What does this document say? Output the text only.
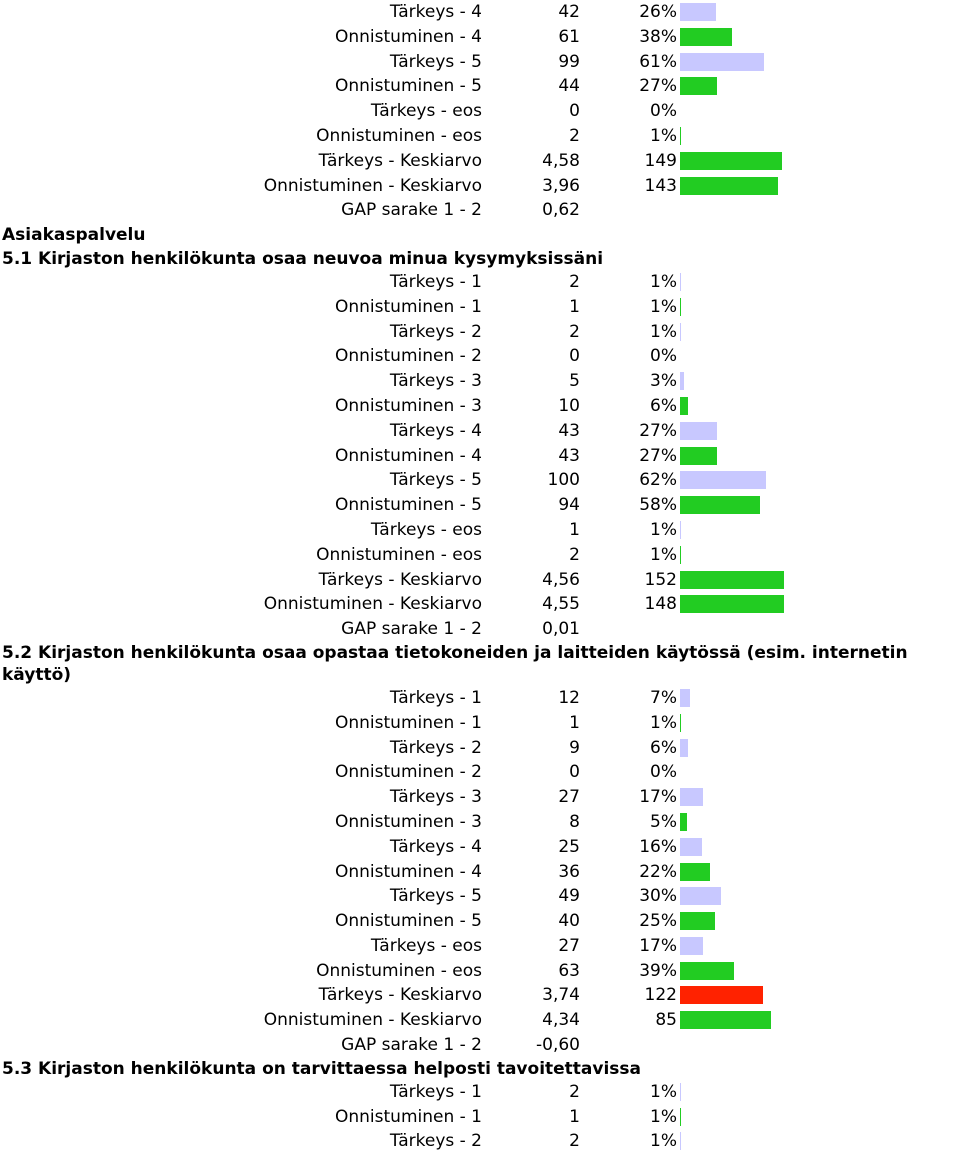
Tärkeys - 4	42	26%
Onnistuminen - 4	61	38%
Tärkeys - 5	99	61%
Onnistuminen - 5	44	27%
Tärkeys - eos	0	0%
Onnistuminen - eos	2	1%
Tärkeys - Keskiarvo	4,58	149
Onnistuminen - Keskiarvo	3,96	143
GAP sarake 1 - 2	0,62
Asiakaspalvelu
5.1 Kirjaston henkilökunta osaa neuvoa minua kysymyksissäni
Tärkeys - 1	2	1%
Onnistuminen - 1	1	1%
Tärkeys - 2	2	1%
Onnistuminen - 2	0	0%
Tärkeys - 3	5	3%
Onnistuminen - 3	10	6%
Tärkeys - 4	43	27%
Onnistuminen - 4	43	27%
Tärkeys - 5	100	62%
Onnistuminen - 5	94	58%
Tärkeys - eos	1	1%
Onnistuminen - eos	2	1%
Tärkeys - Keskiarvo	4,56	152
Onnistuminen - Keskiarvo	4,55	148
GAP sarake 1 - 2	0,01
5.2 Kirjaston henkilökunta osaa opastaa tietokoneiden ja laitteiden käytössä (esim. internetin käyttö)
Tärkeys - 1	12	7%
Onnistuminen - 1	1	1%
Tärkeys - 2	9	6%
Onnistuminen - 2	0	0%
Tärkeys - 3	27	17%
Onnistuminen - 3	8	5%
Tärkeys - 4	25	16%
Onnistuminen - 4	36	22%
Tärkeys - 5	49	30%
Onnistuminen - 5	40	25%
Tärkeys - eos	27	17%
Onnistuminen - eos	63	39%
Tärkeys - Keskiarvo	3,74	122
Onnistuminen - Keskiarvo	4,34	85
GAP sarake 1 - 2	-0,60
5.3 Kirjaston henkilökunta on tarvittaessa helposti tavoitettavissa
Tärkeys - 1	2	1%
Onnistuminen - 1	1	1%
Tärkeys - 2	2	1%
